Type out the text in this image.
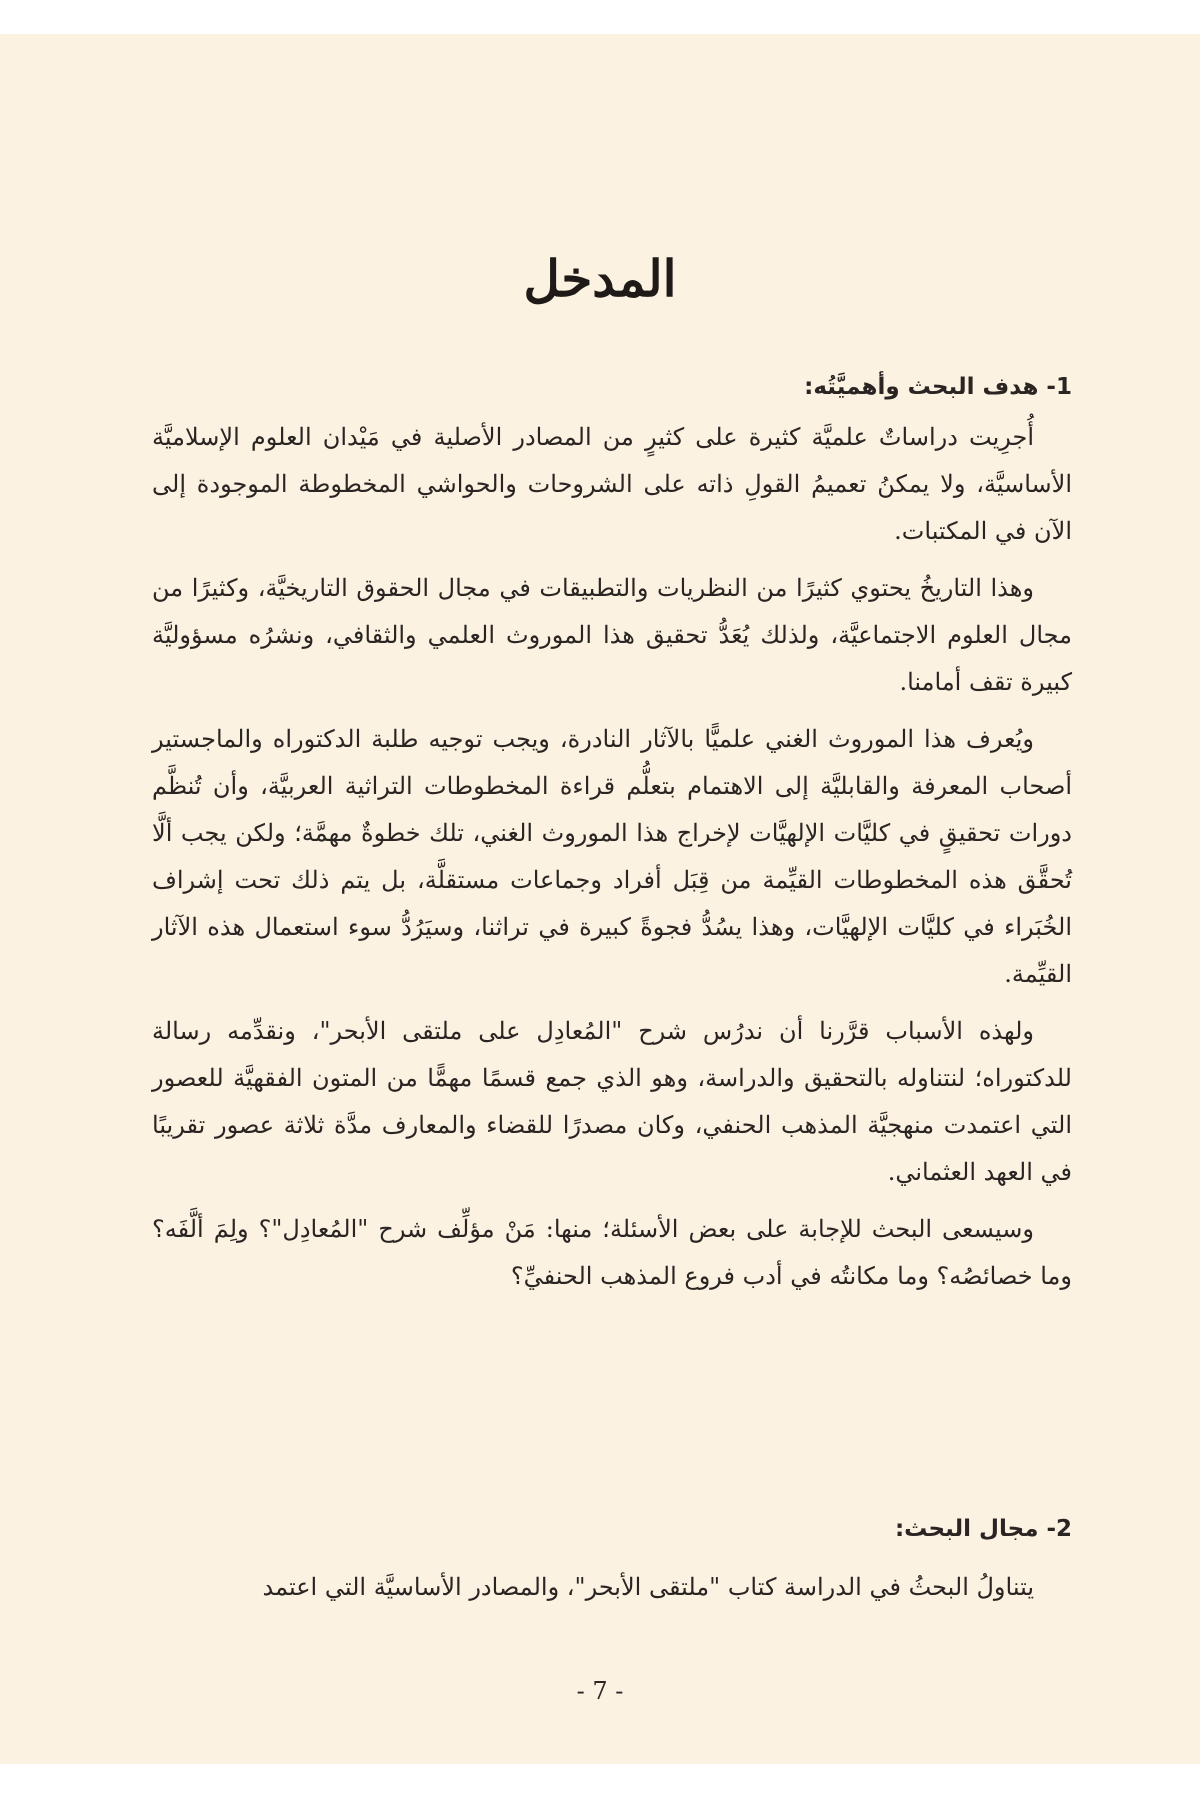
المدخل
1- هدف البحث وأهميَّتُه:

أُجرِيت دراساتٌ علميَّة كثيرة على كثيرٍ من المصادر الأصلية في مَيْدان العلوم الإسلاميَّة الأساسيَّة، ولا يمكنُ تعميمُ القولِ ذاته على الشروحات والحواشي المخطوطة الموجودة إلى الآن في المكتبات.

وهذا التاريخُ يحتوي كثيرًا من النظريات والتطبيقات في مجال الحقوق التاريخيَّة، وكثيرًا من مجال العلوم الاجتماعيَّة، ولذلك يُعَدُّ تحقيق هذا الموروث العلمي والثقافي، ونشرُه مسؤوليَّة كبيرة تقف أمامنا.

ويُعرف هذا الموروث الغني علميًّا بالآثار النادرة، ويجب توجيه طلبة الدكتوراه والماجستير أصحاب المعرفة والقابليَّة إلى الاهتمام بتعلُّم قراءة المخطوطات التراثية العربيَّة، وأن تُنظَّم دورات تحقيقٍ في كليَّات الإلهيَّات لإخراج هذا الموروث الغني، تلك خطوةٌ مهمَّة؛ ولكن يجب ألَّا تُحقَّق هذه المخطوطات القيِّمة من قِبَل أفراد وجماعات مستقلَّة، بل يتم ذلك تحت إشراف الخُبَراء في كليَّات الإلهيَّات، وهذا يسُدُّ فجوةً كبيرة في تراثنا، وسيَرُدُّ سوء استعمال هذه الآثار القيِّمة.

ولهذه الأسباب قرَّرنا أن ندرُس شرح "المُعادِل على ملتقى الأبحر"، ونقدِّمه رسالة للدكتوراه؛ لنتناوله بالتحقيق والدراسة، وهو الذي جمع قسمًا مهمًّا من المتون الفقهيَّة للعصور التي اعتمدت منهجيَّة المذهب الحنفي، وكان مصدرًا للقضاء والمعارف مدَّة ثلاثة عصور تقريبًا في العهد العثماني.

وسيسعى البحث للإجابة على بعض الأسئلة؛ منها: مَنْ مؤلِّف شرح "المُعادِل"؟ ولِمَ ألَّفَه؟ وما خصائصُه؟ وما مكانتُه في أدب فروع المذهب الحنفيِّ؟

2- مجال البحث:

يتناولُ البحثُ في الدراسة كتاب "ملتقى الأبحر"، والمصادر الأساسيَّة التي اعتمد

- 7 -
